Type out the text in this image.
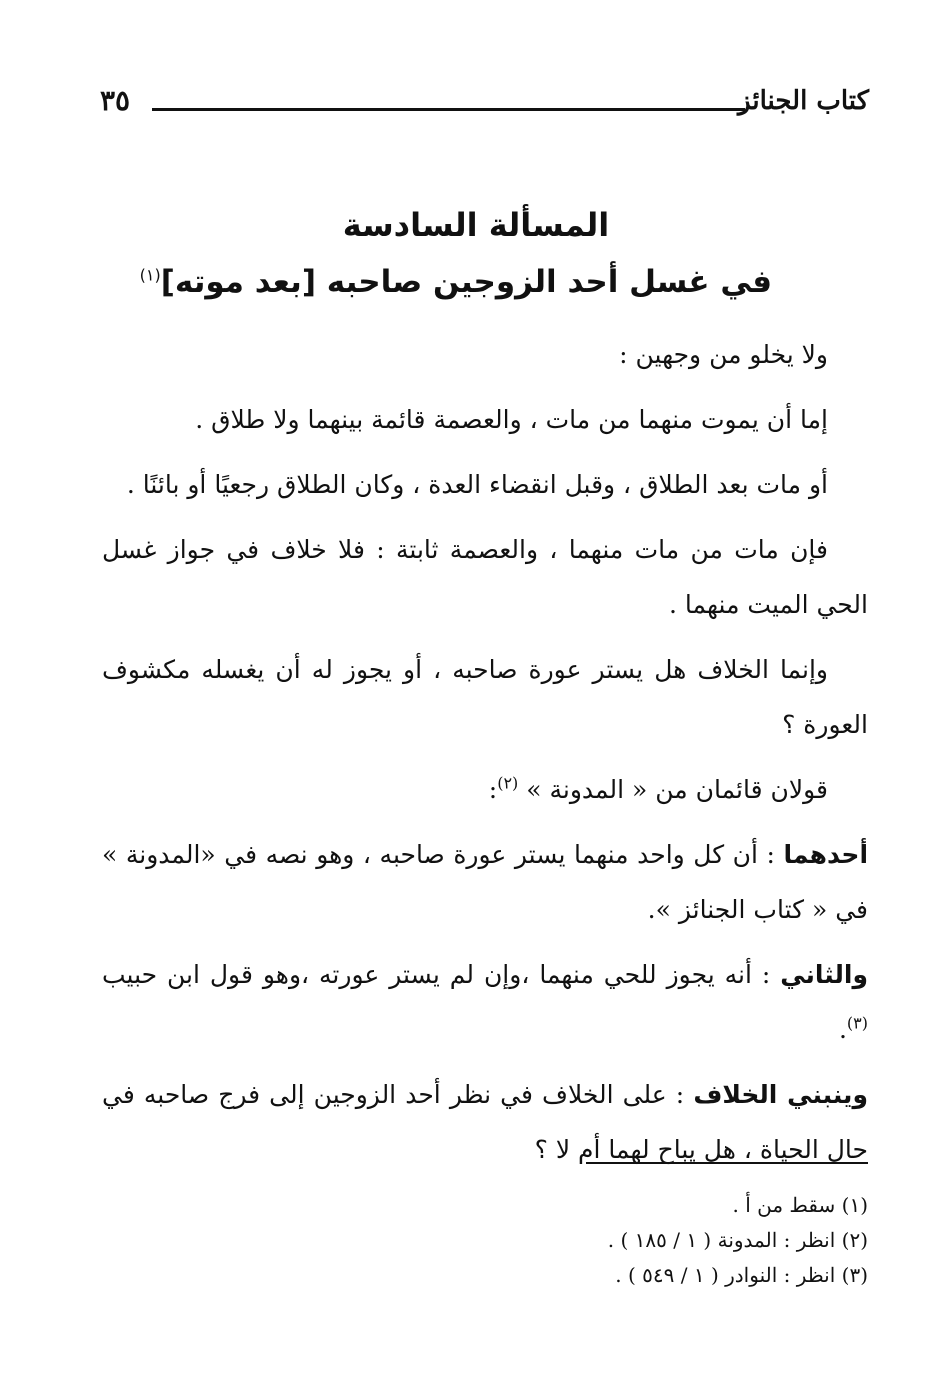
كتاب الجنائز
٣٥
المسألة السادسة
في غسل أحد الزوجين صاحبه [بعد موته]$^{(١)}$

ولا يخلو من وجهين :

إما أن يموت منهما من مات ، والعصمة قائمة بينهما ولا طلاق .

أو مات بعد الطلاق ، وقبل انقضاء العدة ، وكان الطلاق رجعيًا أو بائنًا .

فإن مات من مات منهما ، والعصمة ثابتة : فلا خلاف في جواز غسل الحي الميت منهما .

وإنما الخلاف هل يستر عورة صاحبه ، أو يجوز له أن يغسله مكشوف العورة ؟

قولان قائمان من « المدونة » $^{(٢)}$:

أحدهما : أن كل واحد منهما يستر عورة صاحبه ، وهو نصه في «المدونة » في « كتاب الجنائز ».

والثاني : أنه يجوز للحي منهما ،وإن لم يستر عورته ،وهو قول ابن حبيب $^{(٣)}$.

وينبني الخلاف : على الخلاف في نظر أحد الزوجين إلى فرج صاحبه في حال الحياة ، هل يباح لهما أم لا ؟

(١) سقط من أ .
(٢) انظر : المدونة ( ١ / ١٨٥ ) .
(٣) انظر : النوادر ( ١ / ٥٤٩ ) .
